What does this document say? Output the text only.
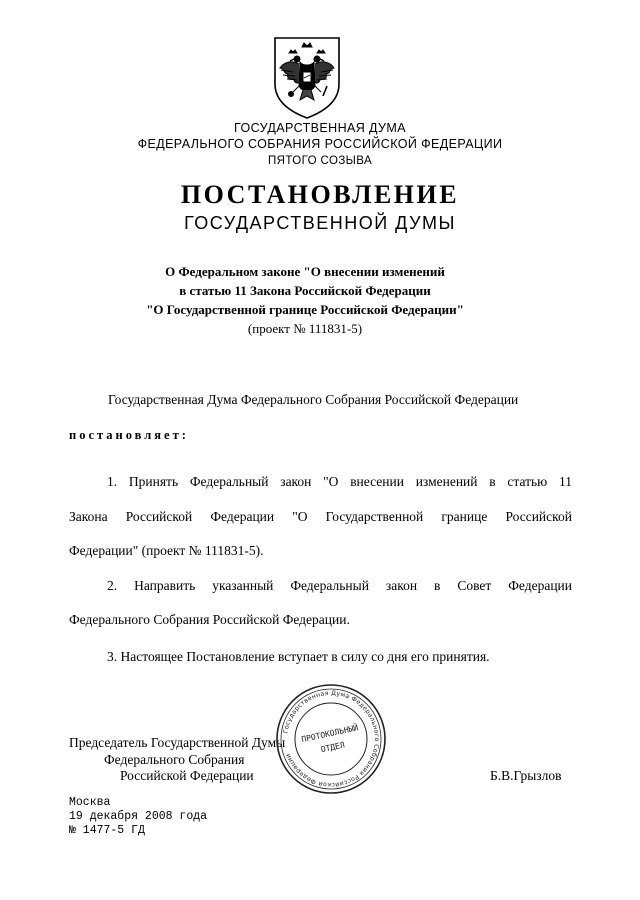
ГОСУДАРСТВЕННАЯ ДУМА
ФЕДЕРАЛЬНОГО СОБРАНИЯ РОССИЙСКОЙ ФЕДЕРАЦИИ
ПЯТОГО СОЗЫВА
ПОСТАНОВЛЕНИЕ
ГОСУДАРСТВЕННОЙ ДУМЫ
О Федеральном законе "О внесении изменений
в статью 11 Закона Российской Федерации
"О Государственной границе Российской Федерации"
(проект № 111831-5)
Государственная Дума Федерального Собрания Российской Федерации
постановляет:
1. Принять Федеральный закон "О внесении изменений в статью 11
Закона Российской Федерации "О Государственной границе Российской
Федерации" (проект № 111831-5).
2. Направить указанный Федеральный закон в Совет Федерации
Федерального Собрания Российской Федерации.
3. Настоящее Постановление вступает в силу со дня его принятия.
Председатель Государственной Думы
Федерального Собрания
Российской Федерации	Б.В.Грызлов
Государственная Дума Федерального Собрания Российской Федерации
ПРОТОКОЛЬНЫЙ
ОТДЕЛ
Москва
19 декабря 2008 года
№ 1477-5 ГД
